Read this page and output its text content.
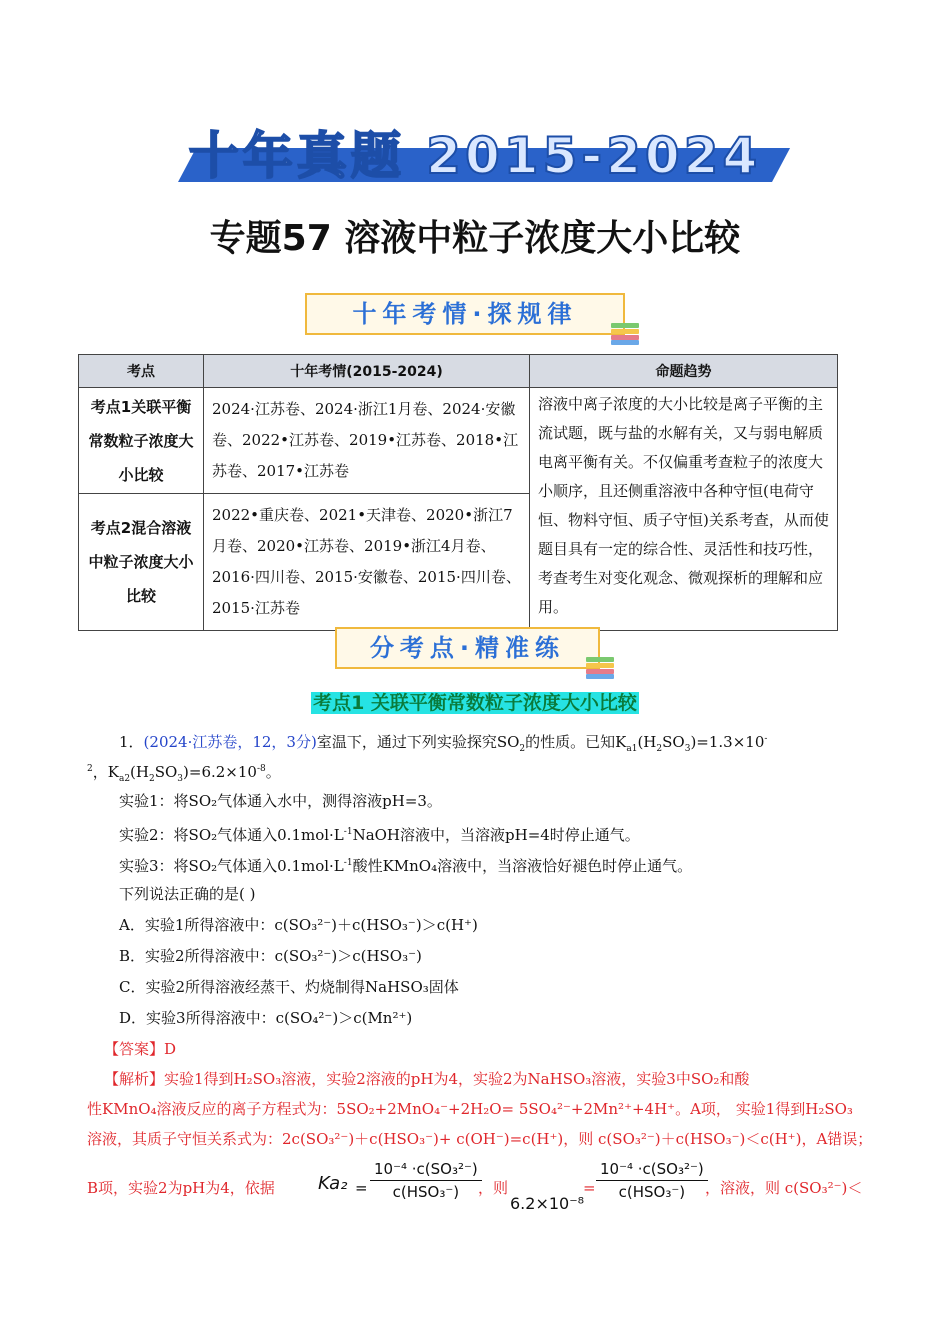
十年真题 2015-2024
专题57 溶液中粒子浓度大小比较
十年考情·探规律
考点	十年考情(2015-2024)	命题趋势
考点1关联平衡常数粒子浓度大小比较	2024·江苏卷、2024·浙江1月卷、2024·安徽卷、2022•江苏卷、2019•江苏卷、2018•江苏卷、2017•江苏卷	溶液中离子浓度的大小比较是离子平衡的主流试题，既与盐的水解有关，又与弱电解质电离平衡有关。不仅偏重考查粒子的浓度大小顺序，且还侧重溶液中各种守恒(电荷守恒、物料守恒、质子守恒)关系考查，从而使题目具有一定的综合性、灵活性和技巧性，考查考生对变化观念、微观探析的理解和应用。
考点2混合溶液中粒子浓度大小比较	2022•重庆卷、2021•天津卷、2020•浙江7月卷、2020•江苏卷、2019•浙江4月卷、2016·四川卷、2015·安徽卷、2015·四川卷、2015·江苏卷	
分考点·精准练
考点1 关联平衡常数粒子浓度大小比较
1．(2024·江苏卷，12，3分)室温下，通过下列实验探究$SO_2$的性质。已知$K_{a1}(H_2SO_3)=1.3\times 10^-$
$^2$，$K_{a2}(H_2SO_3)=6.2\times 10^{-8}$。
实验1：将SO₂气体通入水中，测得溶液pH=3。
实验2：将SO₂气体通入$0.1mol\cdot L^{-1}NaOH$溶液中，当溶液pH=4时停止通气。
实验3：将SO₂气体通入$0.1mol\cdot L^{-1}$酸性KMnO₄溶液中，当溶液恰好褪色时停止通气。
下列说法正确的是( )
A．实验1所得溶液中：c(SO₃²⁻)＋c(HSO₃⁻)＞c(H⁺)
B．实验2所得溶液中：c(SO₃²⁻)＞c(HSO₃⁻)
C．实验2所得溶液经蒸干、灼烧制得NaHSO₃固体
D．实验3所得溶液中：c(SO₄²⁻)＞c(Mn²⁺)
【答案】D
【解析】实验1得到H₂SO₃溶液，实验2溶液的pH为4，实验2为NaHSO₃溶液，实验3中SO₂和酸
性KMnO₄溶液反应的离子方程式为：5SO₂+2MnO₄⁻+2H₂O= 5SO₄²⁻+2Mn²⁺+4H⁺。A项， 实验1得到H₂SO₃
溶液，其质子守恒关系式为：2c(SO₃²⁻)＋c(HSO₃⁻)+ c(OH⁻)=c(H⁺)，则 c(SO₃²⁻)＋c(HSO₃⁻)＜c(H⁺)，A错误；
B项，实验2为pH为4，依据 $Ka_2 = \frac{\text{10⁻⁴ ·c(SO₃²⁻)}}{\text{c(HSO₃⁻)}}$
，则
6.2×10⁻⁸
= $\frac{\text{10⁻⁴ ·c(SO₃²⁻)}}{\text{c(HSO₃⁻)}}$
，溶液，则 c(SO₃²⁻)＜
